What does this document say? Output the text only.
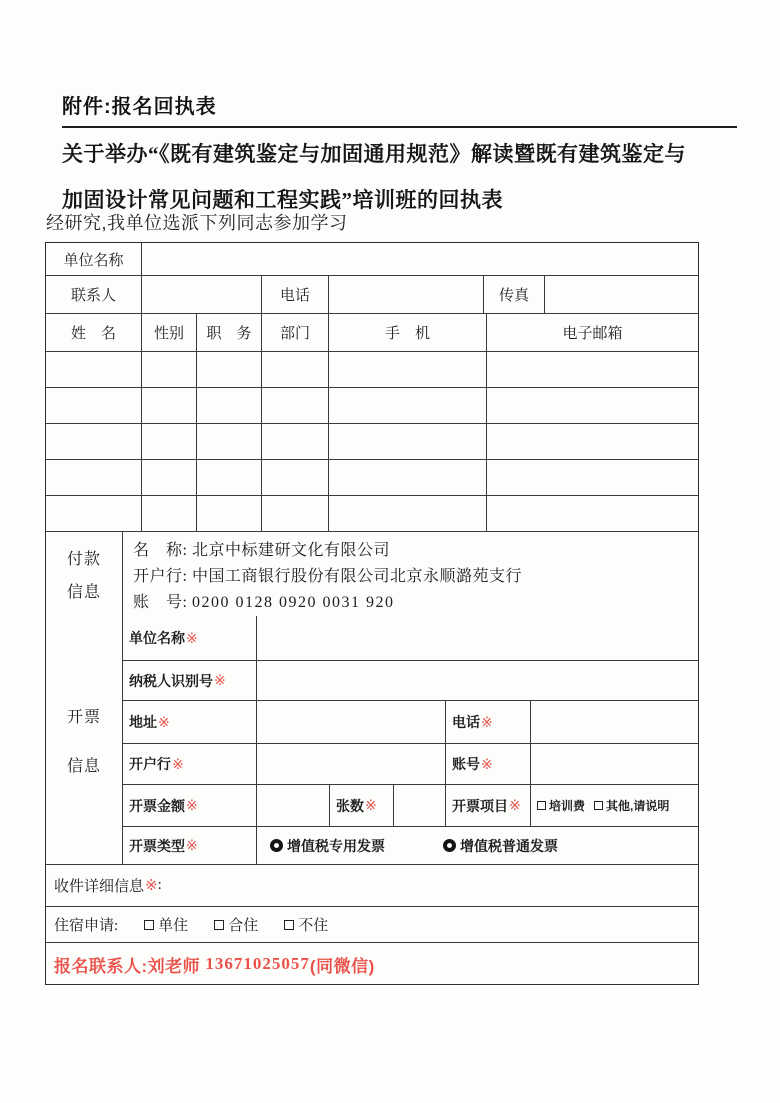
附件:报名回执表
关于举办“《既有建筑鉴定与加固通用规范》解读暨既有建筑鉴定与
加固设计常见问题和工程实践”培训班的回执表
经研究,我单位选派下列同志参加学习
单位名称
联系人	电话	传真
姓　名	性别	职　务	部门	手　机	电子邮箱
付款
信息
名　称: 北京中标建研文化有限公司
开户行: 中国工商银行股份有限公司北京永顺潞苑支行
账　号: 0200 0128 0920 0031 920
开票
信息
单位名称 ※
纳税人识别号 ※
地址 ※	电话 ※
开户行 ※	账号 ※
开票金额 ※	张数 ※	开票项目 ※ 培训费 其他,请说明
开票类型 ※	增值税专用发票	增值税普通发票
收件详细信息 ※ :
住宿申请:	单住	合住	不住
报名联系人:刘老师
13671025057 (同微信)
